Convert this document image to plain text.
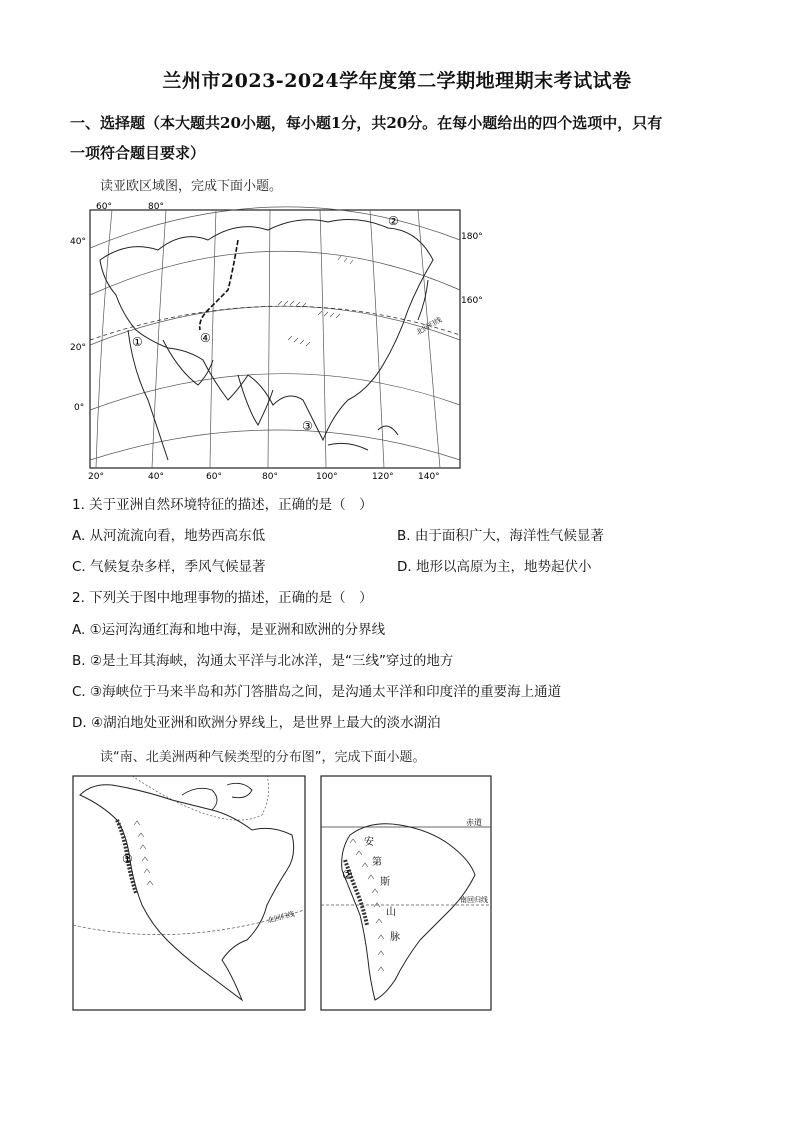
兰州市2023-2024学年度第二学期地理期末考试试卷
一、选择题（本大题共20小题，每小题1分，共20分。在每小题给出的四个选项中，只有
一项符合题目要求）
读亚欧区域图，完成下面小题。
60°	80°
20°	40°	60°	80°	100°	120°	140°
40°
20°
0°
180°
160°
②
①
③
④
北回归线
1. 关于亚洲自然环境特征的描述，正确的是（　）
A. 从河流流向看，地势西高东低	B. 由于面积广大，海洋性气候显著
C. 气候复杂多样，季风气候显著	D. 地形以高原为主，地势起伏小
2. 下列关于图中地理事物的描述，正确的是（　）
A. ①运河沟通红海和地中海，是亚洲和欧洲的分界线
B. ②是土耳其海峡，沟通太平洋与北冰洋，是“三线”穿过的地方
C. ③海峡位于马来半岛和苏门答腊岛之间，是沟通太平洋和印度洋的重要海上通道
D. ④湖泊地处亚洲和欧洲分界线上，是世界上最大的淡水湖泊
读“南、北美洲两种气候类型的分布图”，完成下面小题。
①
北回归线
赤道
南回归线
②
安
第
斯
山
脉
